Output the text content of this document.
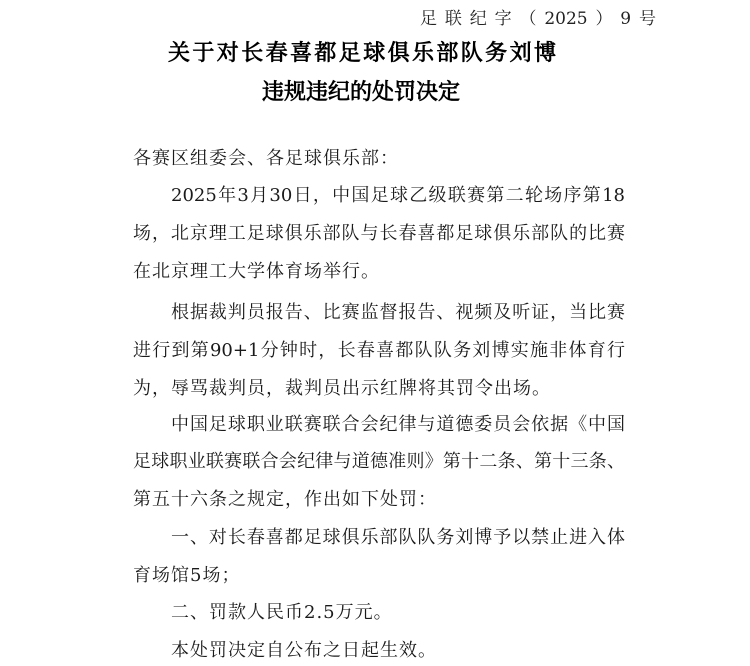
足联纪字（2025）9号
关于对长春喜都足球俱乐部队务刘博
违规违纪的处罚决定
各赛区组委会、各足球俱乐部：
2025年3月30日，中国足球乙级联赛第二轮场序第18
场，北京理工足球俱乐部队与长春喜都足球俱乐部队的比赛
在北京理工大学体育场举行。
根据裁判员报告、比赛监督报告、视频及听证，当比赛
进行到第90+1分钟时，长春喜都队队务刘博实施非体育行
为，辱骂裁判员，裁判员出示红牌将其罚令出场。
中国足球职业联赛联合会纪律与道德委员会依据《中国
足球职业联赛联合会纪律与道德准则》第十二条、第十三条、
第五十六条之规定，作出如下处罚：
一、对长春喜都足球俱乐部队队务刘博予以禁止进入体
育场馆5场；
二、罚款人民币2.5万元。
本处罚决定自公布之日起生效。
